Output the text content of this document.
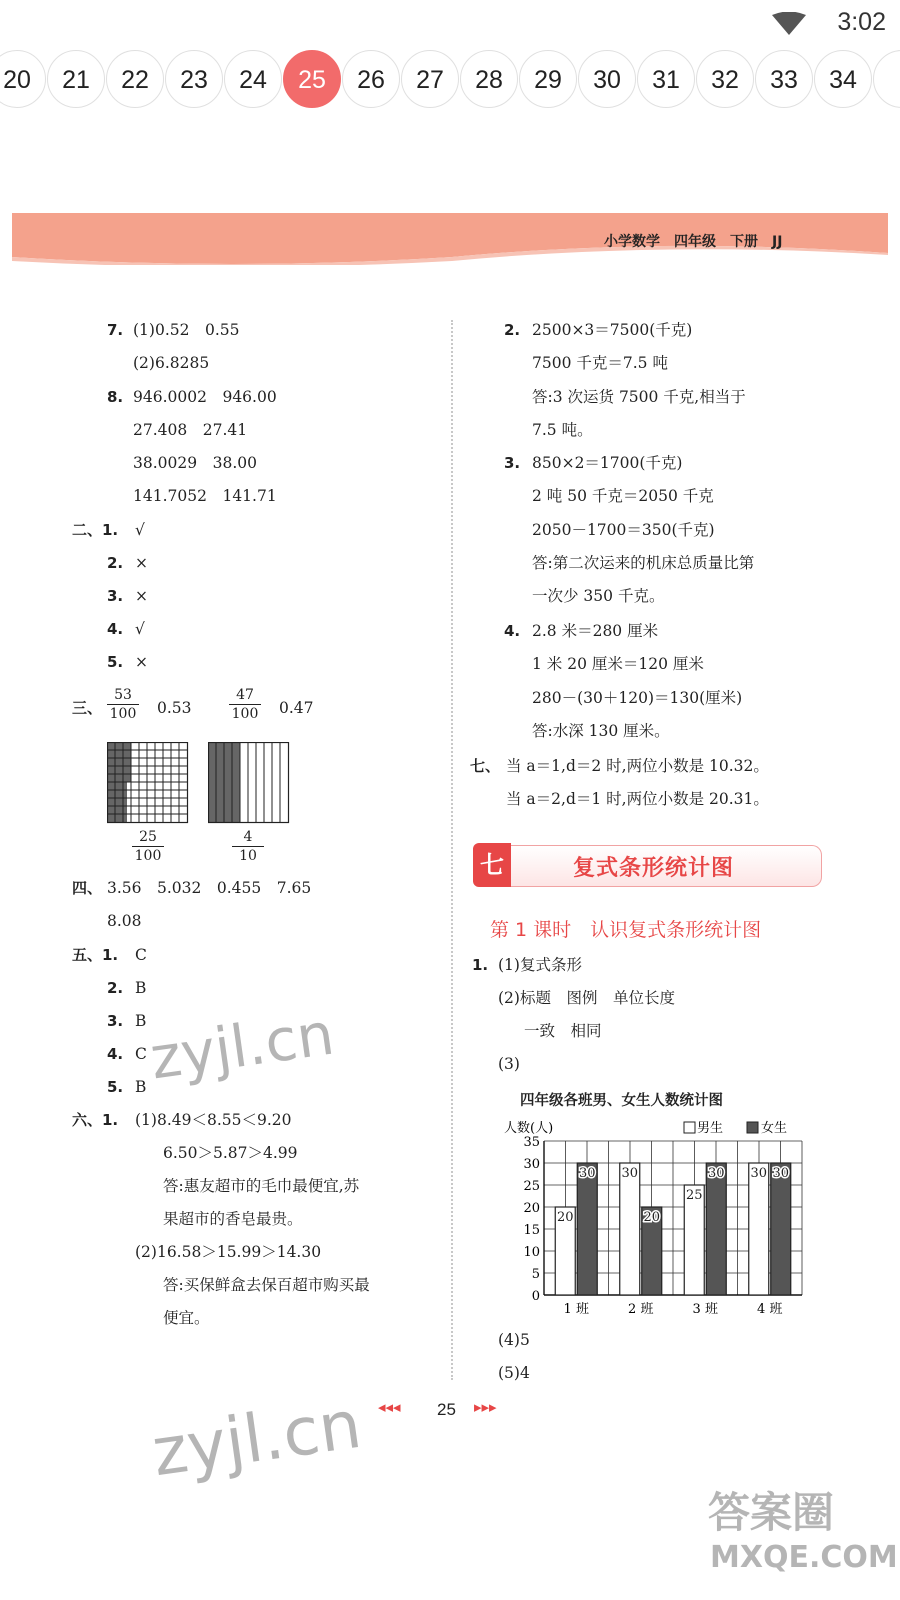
3:02
20	21	22	23	24	25	26	27	28	29	30	31	32	33	34
小学数学　四年级　下册　JJ
7. (1)0.52　0.55
(2)6.8285
8. 946.0002　946.00
27.408　27.41
38.0029　38.00
141.7052　141.71
二、1. √
2. ×
3. ×
4. √
5. ×
三、
53
100	0.53
47
100	0.47
25
100
4
10
四、 3.56　5.032　0.455　7.65
8.08
五、1. C
2. B
3. B
4. C
5. B
六、1. (1)8.49＜8.55＜9.20
6.50＞5.87＞4.99
答:惠友超市的毛巾最便宜,苏
果超市的香皂最贵。
(2)16.58＞15.99＞14.30
答:买保鲜盒去保百超市购买最
便宜。
2. 2500×3＝7500(千克)
7500 千克＝7.5 吨
答:3 次运货 7500 千克,相当于
7.5 吨。
3. 850×2＝1700(千克)
2 吨 50 千克＝2050 千克
2050－1700＝350(千克)
答:第二次运来的机床总质量比第
一次少 350 千克。
4. 2.8 米＝280 厘米
1 米 20 厘米＝120 厘米
280－(30＋120)＝130(厘米)
答:水深 130 厘米。
七、 当 a＝1,d＝2 时,两位小数是 10.32。
当 a＝2,d＝1 时,两位小数是 20.31。
七	复式条形统计图
第 1 课时　认识复式条形统计图
1. (1)复式条形
(2)标题　图例　单位长度
一致　相同
(3)
四年级各班男、女生人数统计图
0
5
10
15
20
25
30
35
20
30
1 班
30
20
2 班
25
30
3 班
30 30
4 班
人数(人)	男生	女生
(4)5
(5)4
◂◂◂ 25 ▸▸▸
zyjl.cn
zyjl.cn
答案圈
MXQE.COM
